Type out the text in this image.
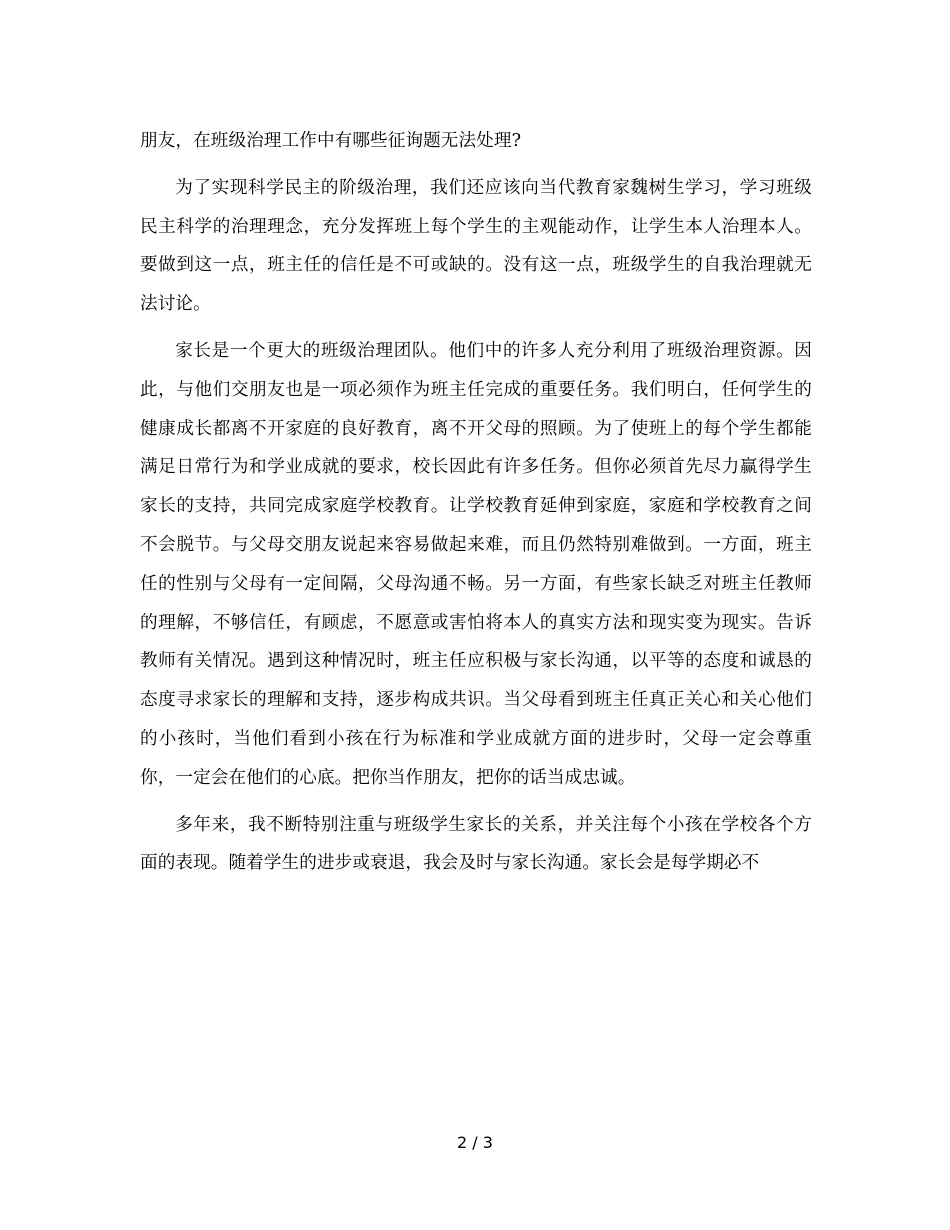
朋友，在班级治理工作中有哪些征询题无法处理?

为了实现科学民主的阶级治理，我们还应该向当代教育家魏树生学习，学习班级民主科学的治理理念，充分发挥班上每个学生的主观能动作，让学生本人治理本人。要做到这一点，班主任的信任是不可或缺的。没有这一点，班级学生的自我治理就无法讨论。

家长是一个更大的班级治理团队。他们中的许多人充分利用了班级治理资源。因此，与他们交朋友也是一项必须作为班主任完成的重要任务。我们明白，任何学生的健康成长都离不开家庭的良好教育，离不开父母的照顾。为了使班上的每个学生都能满足日常行为和学业成就的要求，校长因此有许多任务。但你必须首先尽力赢得学生家长的支持，共同完成家庭学校教育。让学校教育延伸到家庭，家庭和学校教育之间不会脱节。与父母交朋友说起来容易做起来难，而且仍然特别难做到。一方面，班主任的性别与父母有一定间隔，父母沟通不畅。另一方面，有些家长缺乏对班主任教师的理解，不够信任，有顾虑，不愿意或害怕将本人的真实方法和现实变为现实。告诉教师有关情况。遇到这种情况时，班主任应积极与家长沟通，以平等的态度和诚恳的态度寻求家长的理解和支持，逐步构成共识。当父母看到班主任真正关心和关心他们的小孩时，当他们看到小孩在行为标准和学业成就方面的进步时，父母一定会尊重你，一定会在他们的心底。把你当作朋友，把你的话当成忠诚。

多年来，我不断特别注重与班级学生家长的关系，并关注每个小孩在学校各个方面的表现。随着学生的进步或衰退，我会及时与家长沟通。家长会是每学期必不

2 / 3
